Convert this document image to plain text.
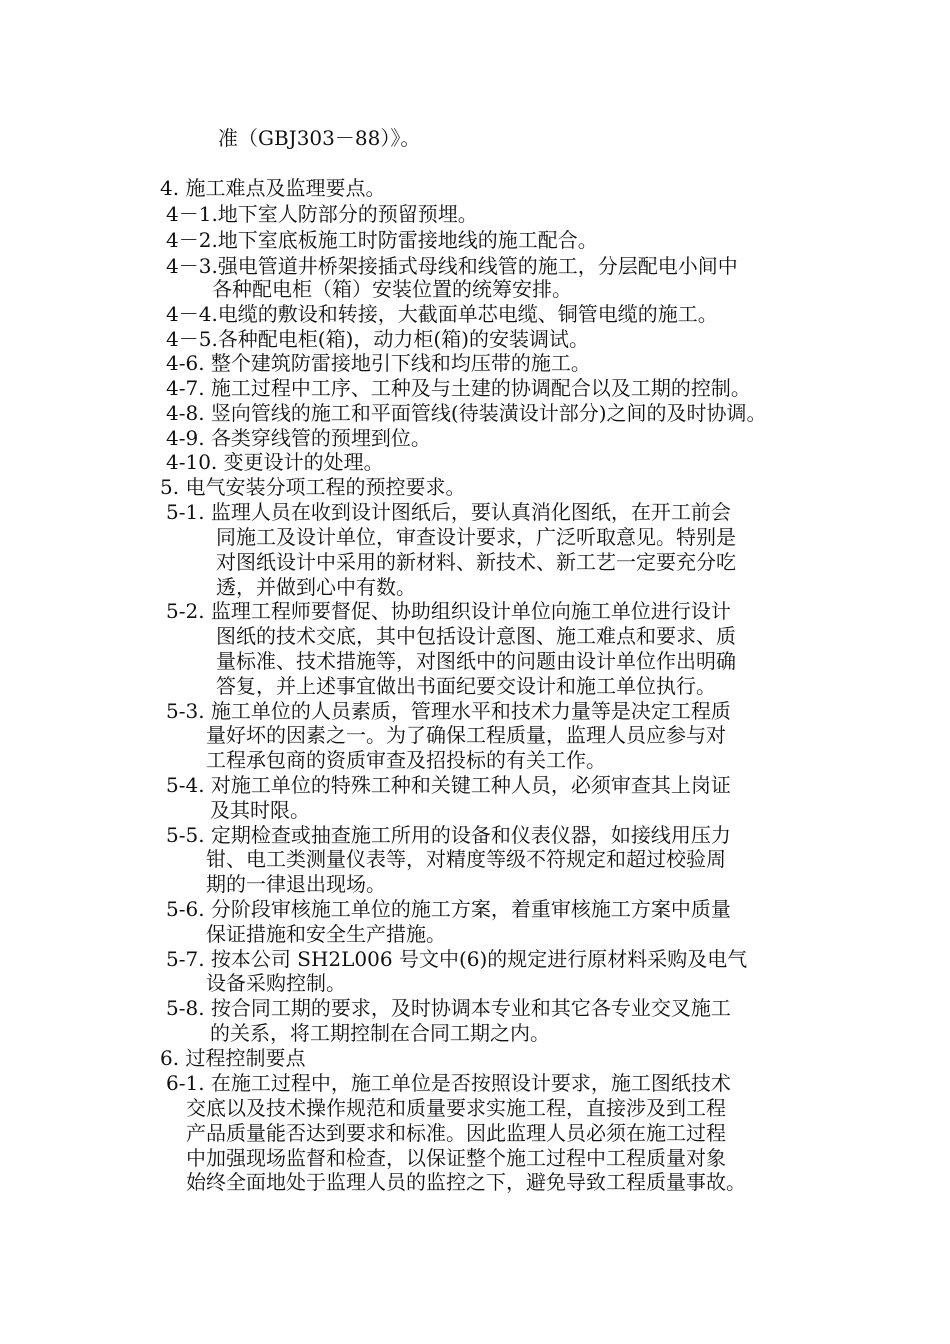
准（GBJ303－88）》。
4. 施工难点及监理要点。
4－1.地下室人防部分的预留预埋。
4－2.地下室底板施工时防雷接地线的施工配合。
4－3.强电管道井桥架接插式母线和线管的施工，分层配电小间中
各种配电柜（箱）安装位置的统筹安排。
4－4.电缆的敷设和转接，大截面单芯电缆、铜管电缆的施工。
4－5.各种配电柜(箱)，动力柜(箱)的安装调试。
4-6. 整个建筑防雷接地引下线和均压带的施工。
4-7. 施工过程中工序、工种及与土建的协调配合以及工期的控制。
4-8. 竖向管线的施工和平面管线(待装潢设计部分)之间的及时协调。
4-9. 各类穿线管的预埋到位。
4-10. 变更设计的处理。
5. 电气安装分项工程的预控要求。
5-1. 监理人员在收到设计图纸后，要认真消化图纸，在开工前会
同施工及设计单位，审查设计要求，广泛听取意见。特别是
对图纸设计中采用的新材料、新技术、新工艺一定要充分吃
透，并做到心中有数。
5-2. 监理工程师要督促、协助组织设计单位向施工单位进行设计
图纸的技术交底，其中包括设计意图、施工难点和要求、质
量标准、技术措施等，对图纸中的问题由设计单位作出明确
答复，并上述事宜做出书面纪要交设计和施工单位执行。
5-3. 施工单位的人员素质，管理水平和技术力量等是决定工程质
量好坏的因素之一。为了确保工程质量，监理人员应参与对
工程承包商的资质审查及招投标的有关工作。
5-4. 对施工单位的特殊工种和关键工种人员，必须审查其上岗证
及其时限。
5-5. 定期检查或抽查施工所用的设备和仪表仪器，如接线用压力
钳、电工类测量仪表等，对精度等级不符规定和超过校验周
期的一律退出现场。
5-6. 分阶段审核施工单位的施工方案，着重审核施工方案中质量
保证措施和安全生产措施。
5-7. 按本公司 SH2L006 号文中(6)的规定进行原材料采购及电气
设备采购控制。
5-8. 按合同工期的要求，及时协调本专业和其它各专业交叉施工
的关系，将工期控制在合同工期之内。
6. 过程控制要点
6-1. 在施工过程中，施工单位是否按照设计要求，施工图纸技术
交底以及技术操作规范和质量要求实施工程，直接涉及到工程
产品质量能否达到要求和标准。因此监理人员必须在施工过程
中加强现场监督和检查，以保证整个施工过程中工程质量对象
始终全面地处于监理人员的监控之下，避免导致工程质量事故。
